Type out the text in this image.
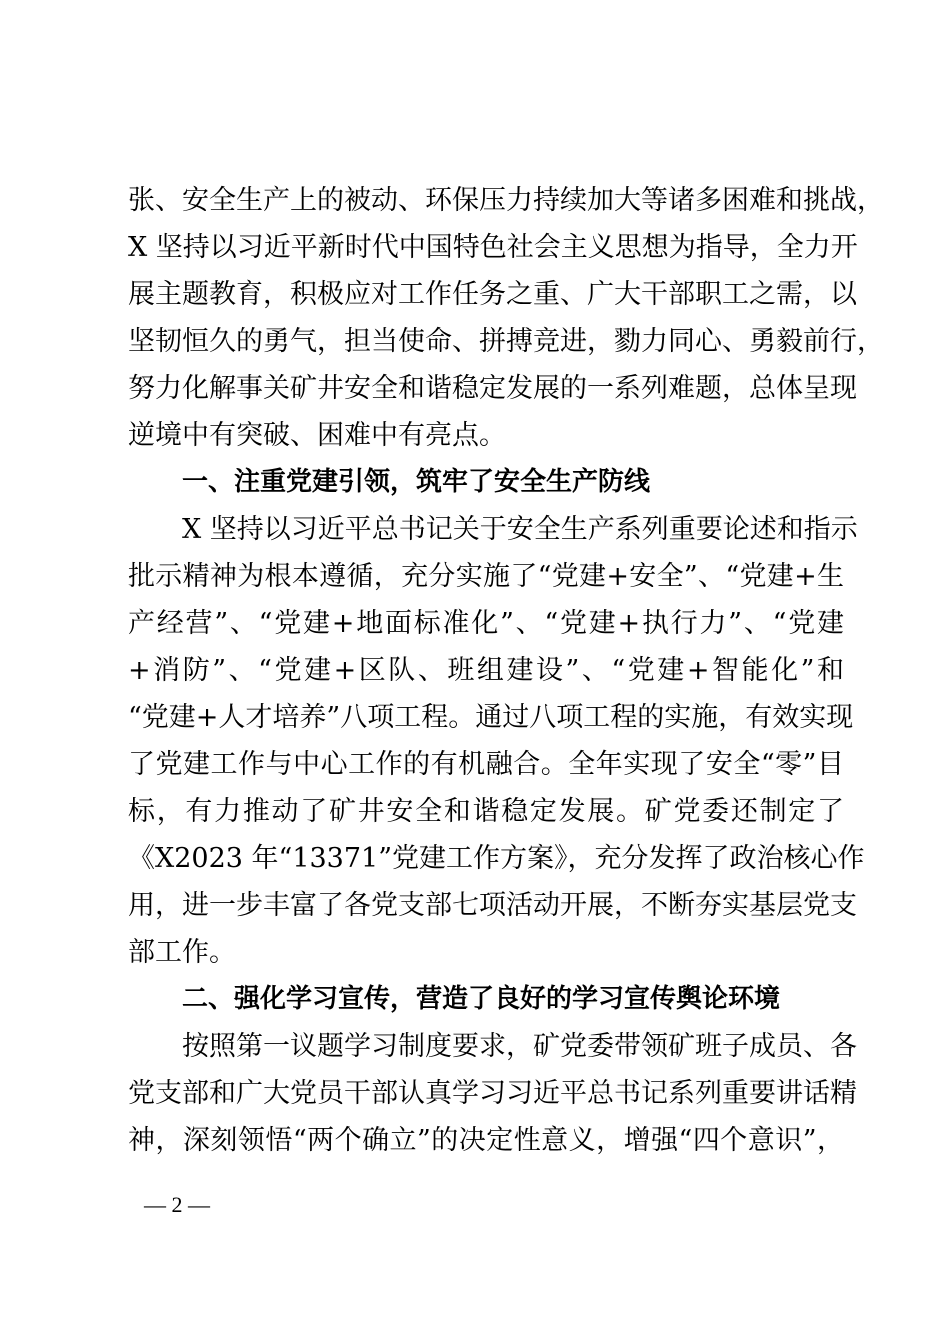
张、安全生产上的被动、环保压力持续加大等诸多困难和挑战，
X 坚持以习近平新时代中国特色社会主义思想为指导，全力开
展主题教育，积极应对工作任务之重、广大干部职工之需，以
坚韧恒久的勇气，担当使命、拼搏竞进，勠力同心、勇毅前行，
努力化解事关矿井安全和谐稳定发展的一系列难题，总体呈现
逆境中有突破、困难中有亮点。
一、注重党建引领，筑牢了安全生产防线
X 坚持以习近平总书记关于安全生产系列重要论述和指示
批示精神为根本遵循，充分实施了“党建+安全”、“党建+生
产经营”、“党建+地面标准化”、“党建+执行力”、“党建
+消防”、“党建+区队、班组建设”、“党建+智能化”和
“党建+人才培养”八项工程。通过八项工程的实施，有效实现
了党建工作与中心工作的有机融合。全年实现了安全“零”目
标，有力推动了矿井安全和谐稳定发展。矿党委还制定了
《X2023 年“13371”党建工作方案》，充分发挥了政治核心作
用，进一步丰富了各党支部七项活动开展，不断夯实基层党支
部工作。
二、强化学习宣传，营造了良好的学习宣传舆论环境
按照第一议题学习制度要求，矿党委带领矿班子成员、各
党支部和广大党员干部认真学习习近平总书记系列重要讲话精
神，深刻领悟“两个确立”的决定性意义，增强“四个意识”，
— 2 —
